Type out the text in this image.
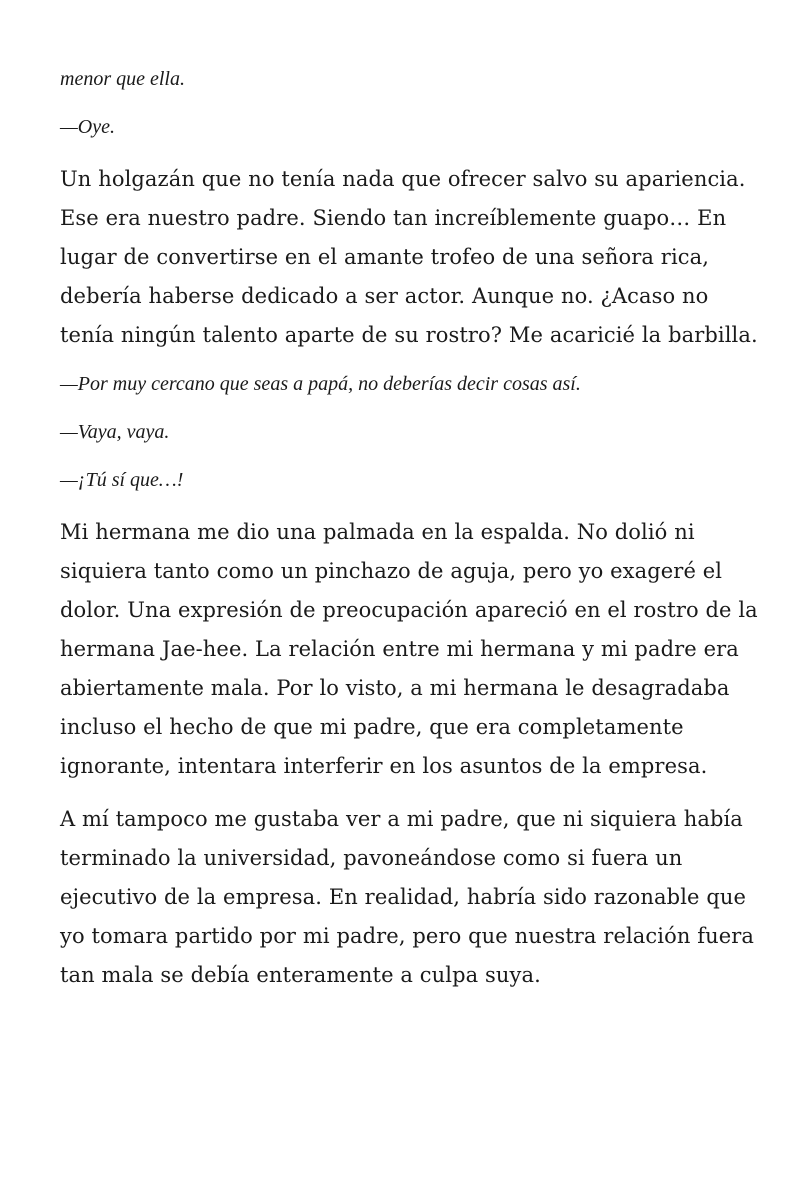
menor que ella.

—Oye.

Un holgazán que no tenía nada que ofrecer salvo su apariencia. Ese era nuestro padre. Siendo tan increíblemente guapo… En lugar de convertirse en el amante trofeo de una señora rica, debería haberse dedicado a ser actor. Aunque no. ¿Acaso no tenía ningún talento aparte de su rostro? Me acaricié la barbilla.

—Por muy cercano que seas a papá, no deberías decir cosas así.

—Vaya, vaya.

—¡Tú sí que…!

Mi hermana me dio una palmada en la espalda. No dolió ni siquiera tanto como un pinchazo de aguja, pero yo exageré el dolor. Una expresión de preocupación apareció en el rostro de la hermana Jae-hee. La relación entre mi hermana y mi padre era abiertamente mala. Por lo visto, a mi hermana le desagradaba incluso el hecho de que mi padre, que era completamente ignorante, intentara interferir en los asuntos de la empresa.

A mí tampoco me gustaba ver a mi padre, que ni siquiera había terminado la universidad, pavoneándose como si fuera un ejecutivo de la empresa. En realidad, habría sido razonable que yo tomara partido por mi padre, pero que nuestra relación fuera tan mala se debía enteramente a culpa suya.
